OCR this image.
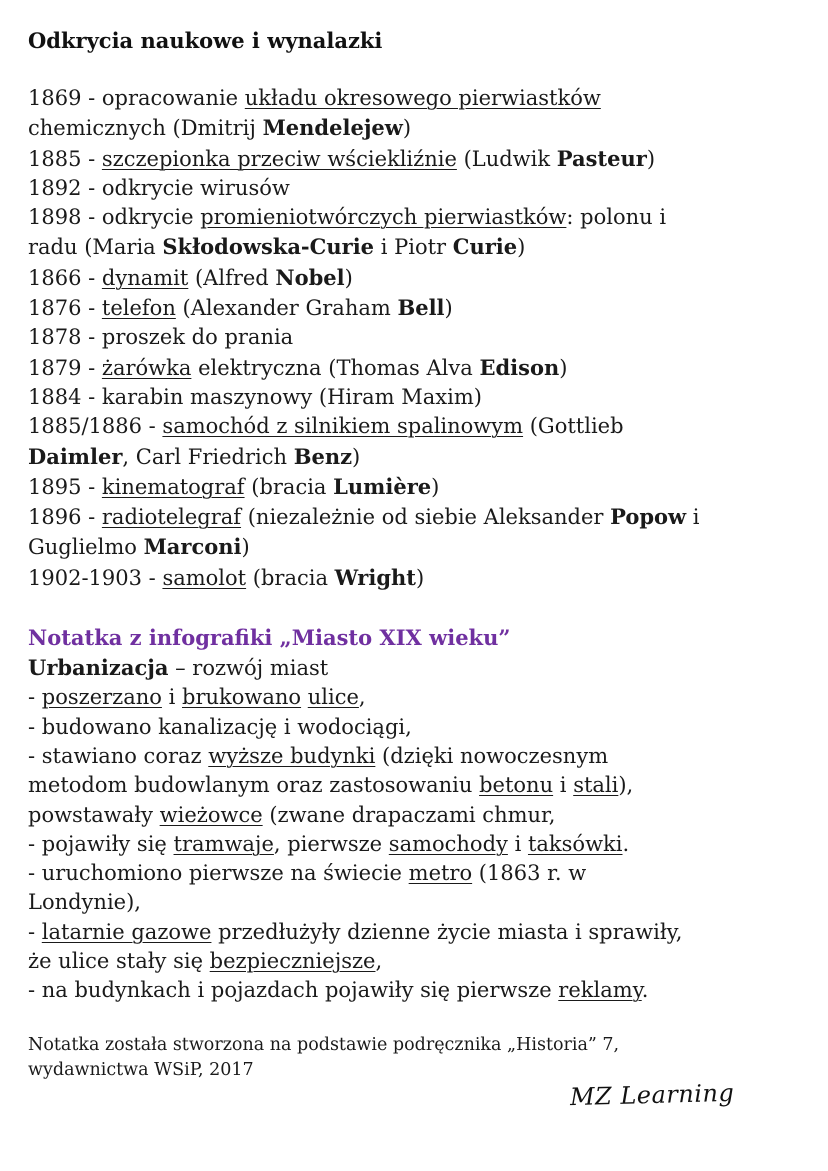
Odkrycia naukowe i wynalazki
1869 - opracowanie układu okresowego pierwiastków
chemicznych (Dmitrij Mendelejew)
1885 - szczepionka przeciw wściekliźnie (Ludwik Pasteur)
1892 - odkrycie wirusów
1898 - odkrycie promieniotwórczych pierwiastków: polonu i
radu (Maria Skłodowska-Curie i Piotr Curie)
1866 - dynamit (Alfred Nobel)
1876 - telefon (Alexander Graham Bell)
1878 - proszek do prania
1879 - żarówka elektryczna (Thomas Alva Edison)
1884 - karabin maszynowy (Hiram Maxim)
1885/1886 - samochód z silnikiem spalinowym (Gottlieb
Daimler, Carl Friedrich Benz)
1895 - kinematograf (bracia Lumière)
1896 - radiotelegraf (niezależnie od siebie Aleksander Popow i
Guglielmo Marconi)
1902-1903 - samolot (bracia Wright)
Notatka z infografiki „Miasto XIX wieku”
Urbanizacja – rozwój miast
- poszerzano i brukowano ulice,
- budowano kanalizację i wodociągi,
- stawiano coraz wyższe budynki (dzięki nowoczesnym
metodom budowlanym oraz zastosowaniu betonu i stali),
powstawały wieżowce (zwane drapaczami chmur,
- pojawiły się tramwaje, pierwsze samochody i taksówki.
- uruchomiono pierwsze na świecie metro (1863 r. w
Londynie),
- latarnie gazowe przedłużyły dzienne życie miasta i sprawiły,
że ulice stały się bezpieczniejsze,
- na budynkach i pojazdach pojawiły się pierwsze reklamy.
Notatka została stworzona na podstawie podręcznika „Historia” 7,
wydawnictwa WSiP, 2017
MZ Learning
